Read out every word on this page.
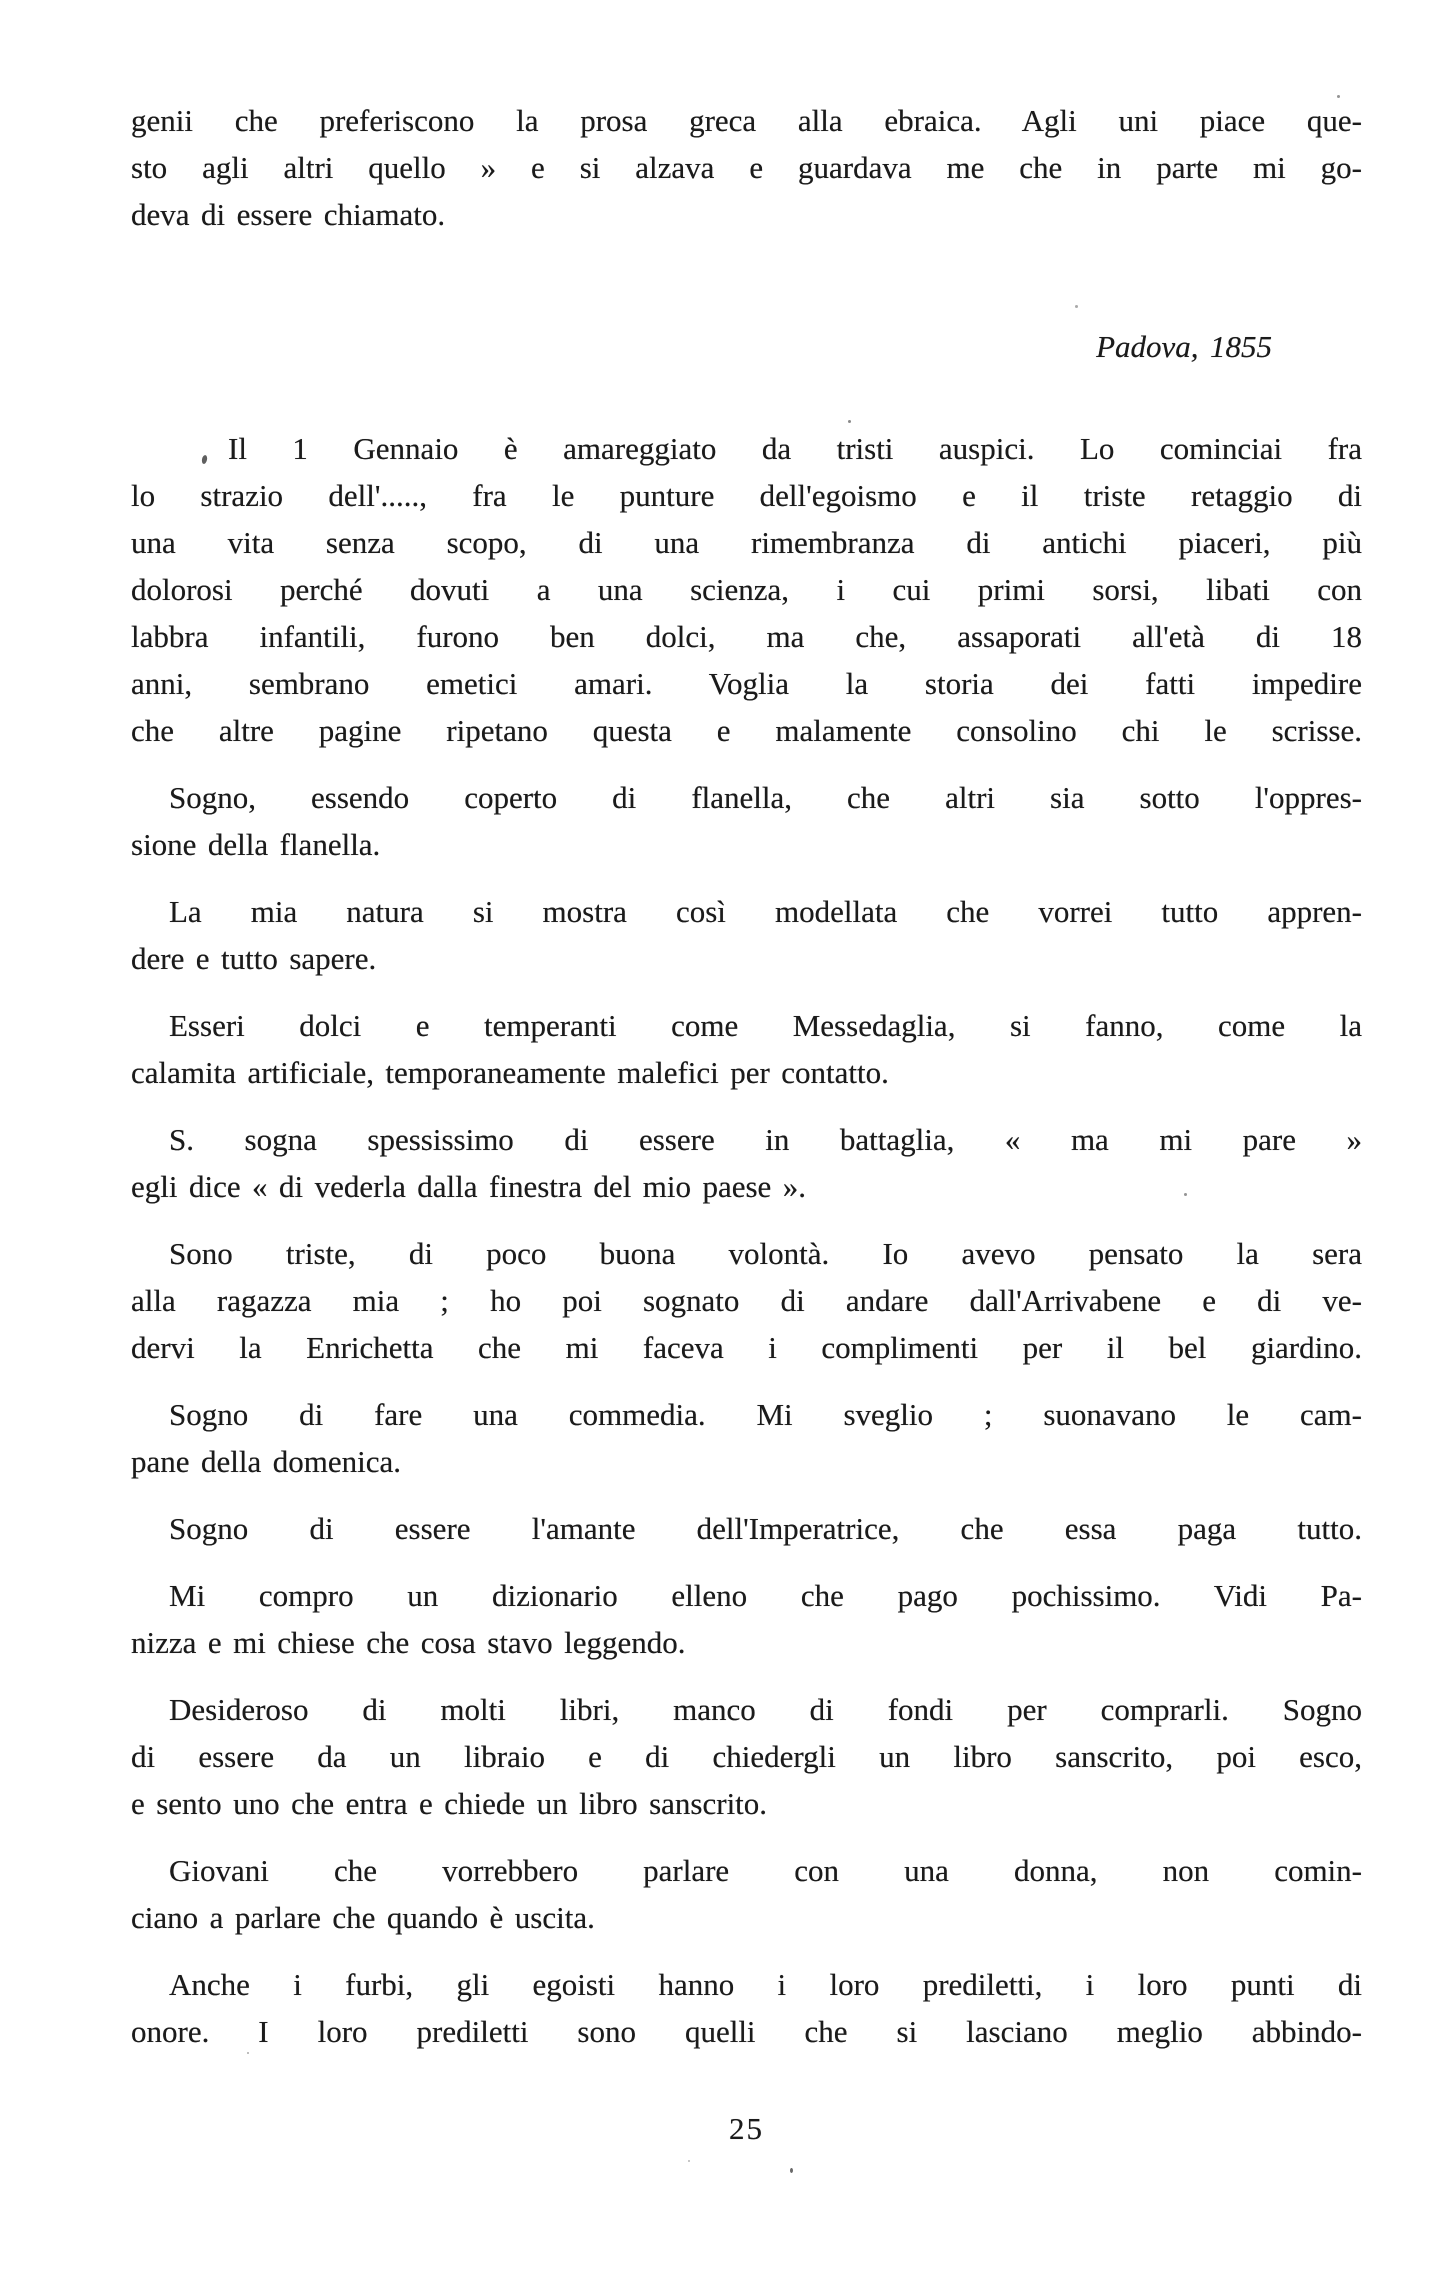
genii che preferiscono la prosa greca alla ebraica. Agli uni piace que-
sto agli altri quello » e si alzava e guardava me che in parte mi go-
deva di essere chiamato.

Padova, 1855

Il 1 Gennaio è amareggiato da tristi auspici. Lo cominciai fra
lo strazio dell'....., fra le punture dell'egoismo e il triste retaggio di
una vita senza scopo, di una rimembranza di antichi piaceri, più
dolorosi perché dovuti a una scienza, i cui primi sorsi, libati con
labbra infantili, furono ben dolci, ma che, assaporati all'età di 18
anni, sembrano emetici amari. Voglia la storia dei fatti impedire
che altre pagine ripetano questa e malamente consolino chi le scrisse.

Sogno, essendo coperto di flanella, che altri sia sotto l'oppres-
sione della flanella.

La mia natura si mostra così modellata che vorrei tutto appren-
dere e tutto sapere.

Esseri dolci e temperanti come Messedaglia, si fanno, come la
calamita artificiale, temporaneamente malefici per contatto.

S. sogna spessissimo di essere in battaglia, « ma mi pare »
egli dice « di vederla dalla finestra del mio paese ».

Sono triste, di poco buona volontà. Io avevo pensato la sera
alla ragazza mia ; ho poi sognato di andare dall'Arrivabene e di ve-
dervi la Enrichetta che mi faceva i complimenti per il bel giardino.

Sogno di fare una commedia. Mi sveglio ; suonavano le cam-
pane della domenica.

Sogno di essere l'amante dell'Imperatrice, che essa paga tutto.

Mi compro un dizionario elleno che pago pochissimo. Vidi Pa-
nizza e mi chiese che cosa stavo leggendo.

Desideroso di molti libri, manco di fondi per comprarli. Sogno
di essere da un libraio e di chiedergli un libro sanscrito, poi esco,
e sento uno che entra e chiede un libro sanscrito.

Giovani che vorrebbero parlare con una donna, non comin-
ciano a parlare che quando è uscita.

Anche i furbi, gli egoisti hanno i loro prediletti, i loro punti di
onore. I loro prediletti sono quelli che si lasciano meglio abbindo-

25
